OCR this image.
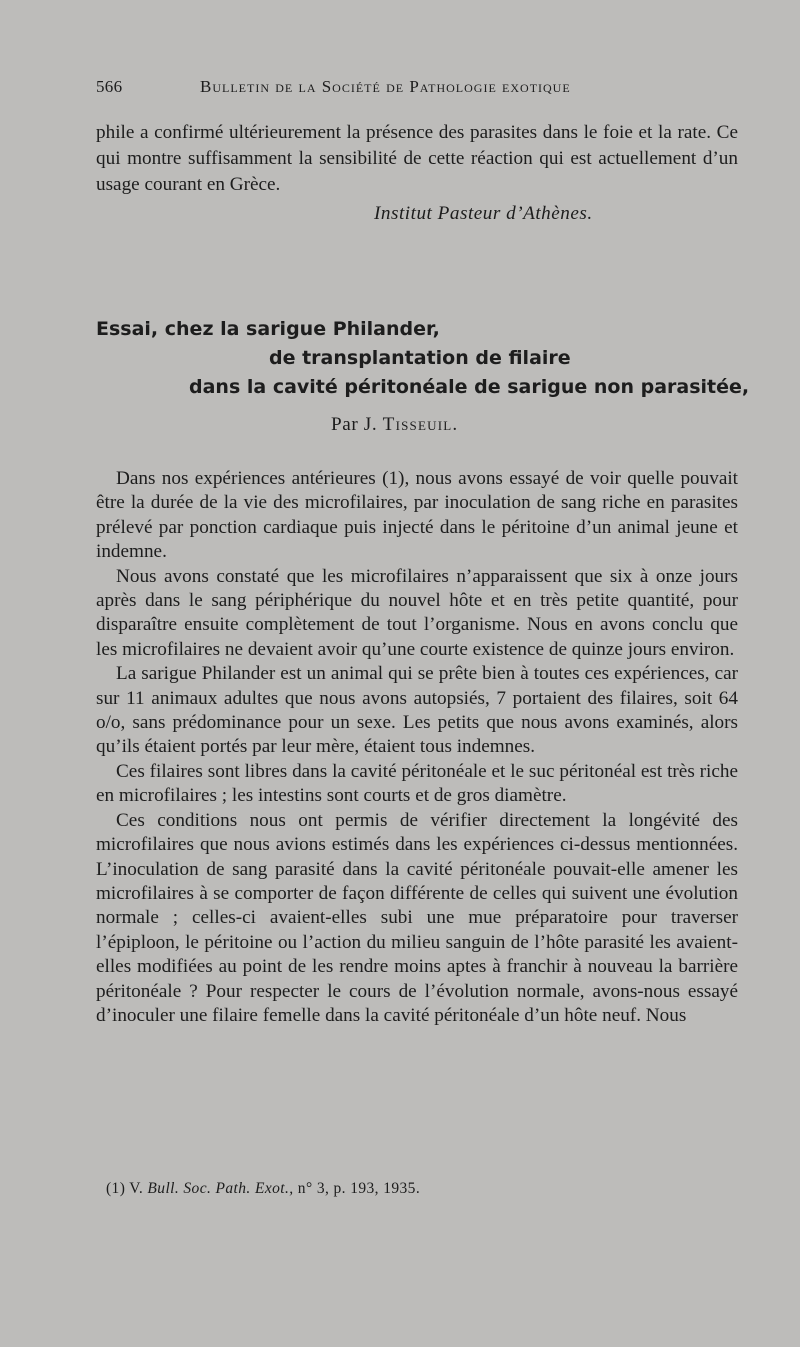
566	Bulletin de la Société de Pathologie exotique

phile a confirmé ultérieurement la présence des parasites dans le foie et la rate. Ce qui montre suffisamment la sensibilité de cette réaction qui est actuellement d’un usage courant en Grèce.

Institut Pasteur d’Athènes.
Essai, chez la sarigue Philander,
de transplantation de filaire
dans la cavité péritonéale de sarigue non parasitée,
Par J. Tisseuil.

Dans nos expériences antérieures (1), nous avons essayé de voir quelle pouvait être la durée de la vie des microfilaires, par inoculation de sang riche en parasites prélevé par ponction cardiaque puis injecté dans le péritoine d’un animal jeune et indemne.

Nous avons constaté que les microfilaires n’apparaissent que six à onze jours après dans le sang périphérique du nouvel hôte et en très petite quantité, pour disparaître ensuite complètement de tout l’organisme. Nous en avons conclu que les microfilaires ne devaient avoir qu’une courte existence de quinze jours environ.

La sarigue Philander est un animal qui se prête bien à toutes ces expériences, car sur 11 animaux adultes que nous avons autopsiés, 7 portaient des filaires, soit 64 o/o, sans prédominance pour un sexe. Les petits que nous avons examinés, alors qu’ils étaient portés par leur mère, étaient tous indemnes.

Ces filaires sont libres dans la cavité péritonéale et le suc péritonéal est très riche en microfilaires ; les intestins sont courts et de gros diamètre.

Ces conditions nous ont permis de vérifier directement la longévité des microfilaires que nous avions estimés dans les expériences ci-dessus mentionnées. L’inoculation de sang parasité dans la cavité péritonéale pouvait-elle amener les microfilaires à se comporter de façon différente de celles qui suivent une évolution normale ; celles-ci avaient-elles subi une mue préparatoire pour traverser l’épiploon, le péritoine ou l’action du milieu sanguin de l’hôte parasité les avaient-elles modifiées au point de les rendre moins aptes à franchir à nouveau la barrière péritonéale ? Pour respecter le cours de l’évolution normale, avons-nous essayé d’inoculer une filaire femelle dans la cavité péritonéale d’un hôte neuf. Nous

(1) V. Bull. Soc. Path. Exot., n° 3, p. 193, 1935.
